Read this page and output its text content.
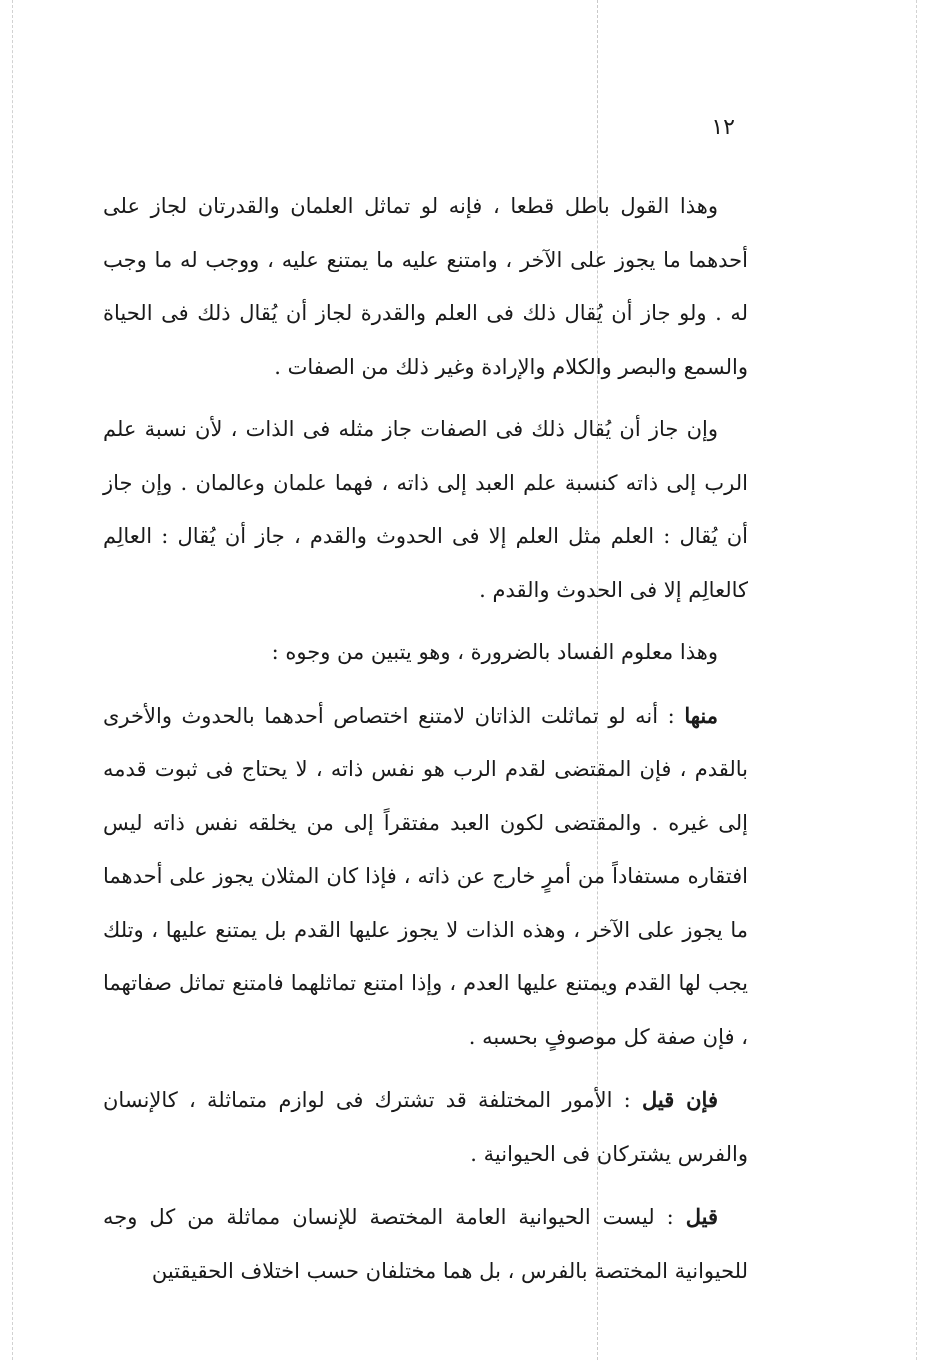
١٢

وهذا القول باطل قطعا ، فإنه لو تماثل العلمان والقدرتان لجاز على أحدهما ما يجوز على الآخر ، وامتنع عليه ما يمتنع عليه ، ووجب له ما وجب له . ولو جاز أن يُقال ذلك فى العلم والقدرة لجاز أن يُقال ذلك فى الحياة والسمع والبصر والكلام والإرادة وغير ذلك من الصفات .

وإن جاز أن يُقال ذلك فى الصفات جاز مثله فى الذات ، لأن نسبة علم الرب إلى ذاته كنسبة علم العبد إلى ذاته ، فهما علمان وعالمان . وإن جاز أن يُقال : العلم مثل العلم إلا فى الحدوث والقدم ، جاز أن يُقال : العالِم كالعالِم إلا فى الحدوث والقدم .

وهذا معلوم الفساد بالضرورة ، وهو يتبين من وجوه :

منها : أنه لو تماثلت الذاتان لامتنع اختصاص أحدهما بالحدوث والأخرى بالقدم ، فإن المقتضى لقدم الرب هو نفس ذاته ، لا يحتاج فى ثبوت قدمه إلى غيره . والمقتضى لكون العبد مفتقراً إلى من يخلقه نفس ذاته ليس افتقاره مستفاداً من أمرٍ خارج عن ذاته ، فإذا كان المثلان يجوز على أحدهما ما يجوز على الآخر ، وهذه الذات لا يجوز عليها القدم بل يمتنع عليها ، وتلك يجب لها القدم ويمتنع عليها العدم ، وإذا امتنع تماثلهما فامتنع تماثل صفاتهما ، فإن صفة كل موصوفٍ بحسبه .

فإن قيل : الأمور المختلفة قد تشترك فى لوازم متماثلة ، كالإنسان والفرس يشتركان فى الحيوانية .

قيل : ليست الحيوانية العامة المختصة للإنسان مماثلة من كل وجه للحيوانية المختصة بالفرس ، بل هما مختلفان حسب اختلاف الحقيقتين
